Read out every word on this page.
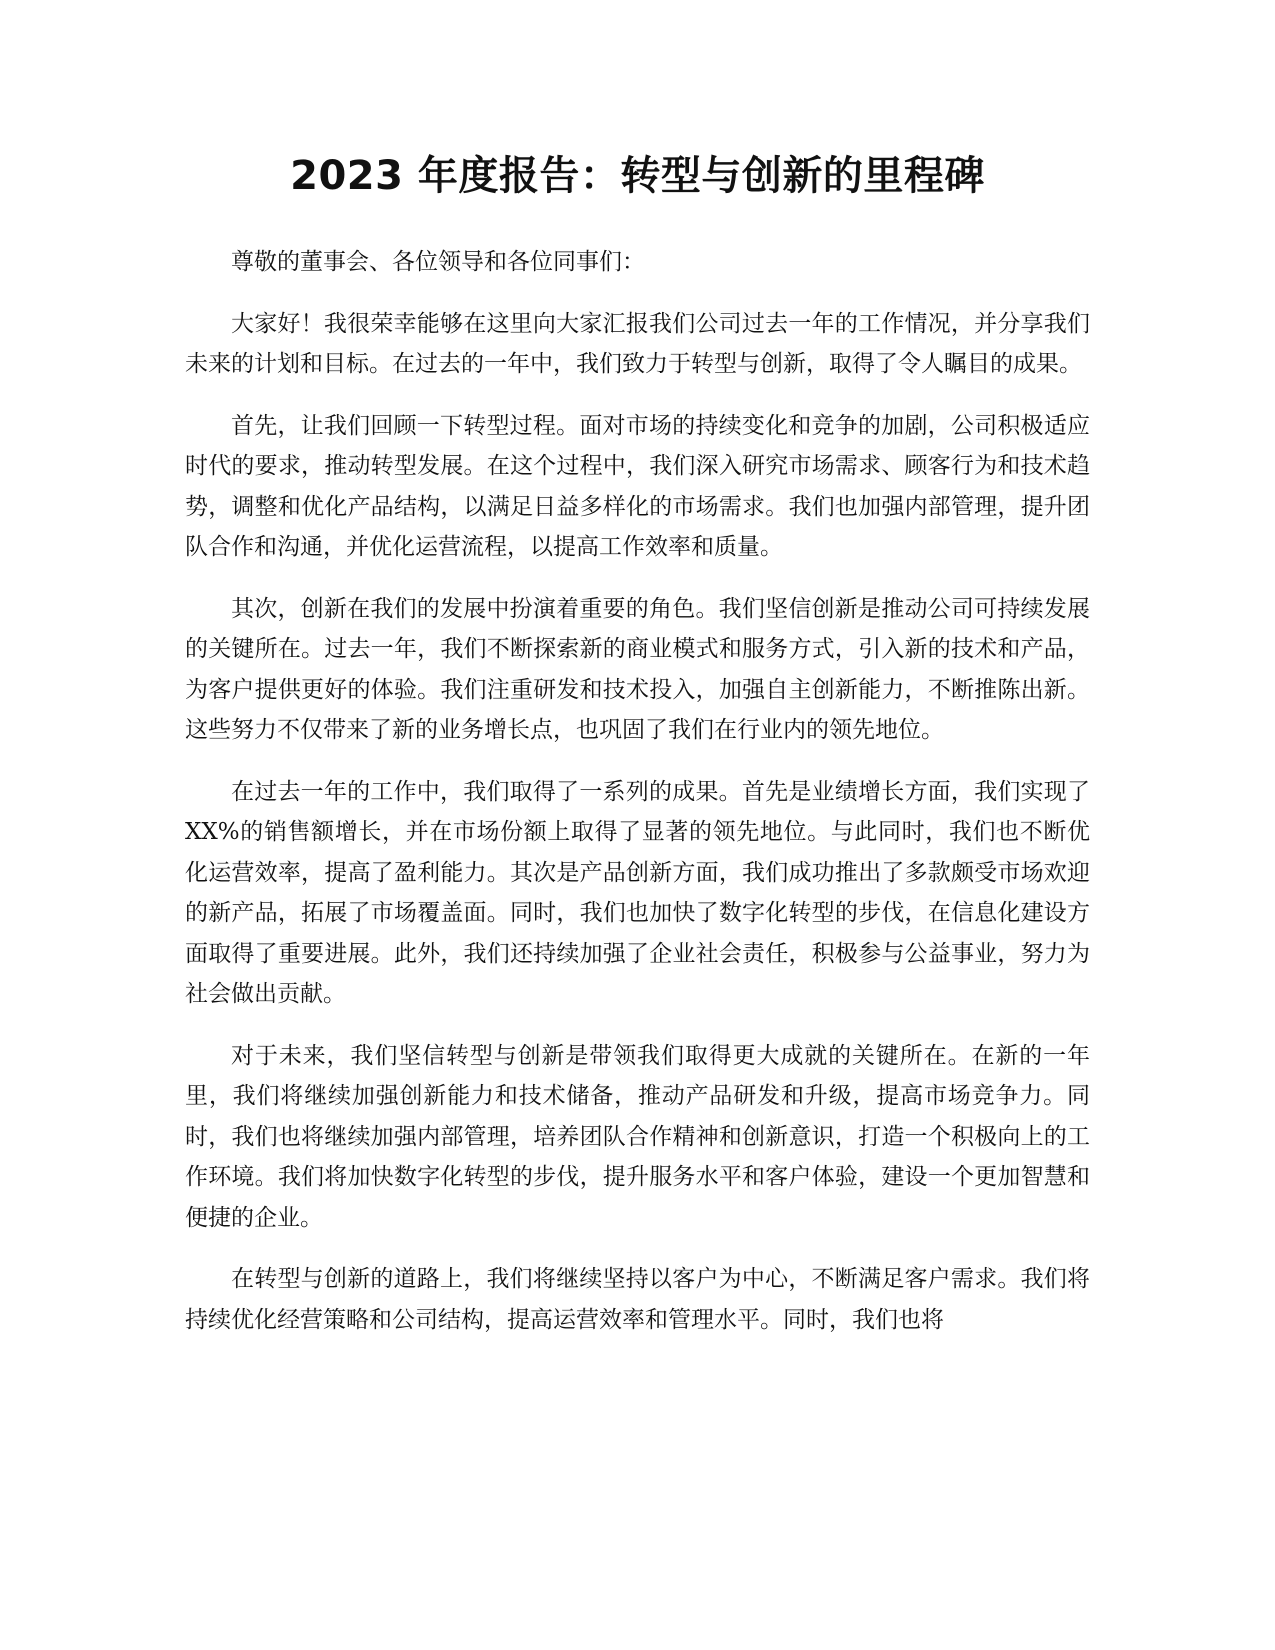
2023 年度报告：转型与创新的里程碑

尊敬的董事会、各位领导和各位同事们：

大家好！我很荣幸能够在这里向大家汇报我们公司过去一年的工作情况，并分享我们未来的计划和目标。在过去的一年中，我们致力于转型与创新，取得了令人瞩目的成果。

首先，让我们回顾一下转型过程。面对市场的持续变化和竞争的加剧，公司积极适应时代的要求，推动转型发展。在这个过程中，我们深入研究市场需求、顾客行为和技术趋势，调整和优化产品结构，以满足日益多样化的市场需求。我们也加强内部管理，提升团队合作和沟通，并优化运营流程，以提高工作效率和质量。

其次，创新在我们的发展中扮演着重要的角色。我们坚信创新是推动公司可持续发展的关键所在。过去一年，我们不断探索新的商业模式和服务方式，引入新的技术和产品，为客户提供更好的体验。我们注重研发和技术投入，加强自主创新能力，不断推陈出新。这些努力不仅带来了新的业务增长点，也巩固了我们在行业内的领先地位。

在过去一年的工作中，我们取得了一系列的成果。首先是业绩增长方面，我们实现了 XX%的销售额增长，并在市场份额上取得了显著的领先地位。与此同时，我们也不断优化运营效率，提高了盈利能力。其次是产品创新方面，我们成功推出了多款颇受市场欢迎的新产品，拓展了市场覆盖面。同时，我们也加快了数字化转型的步伐，在信息化建设方面取得了重要进展。此外，我们还持续加强了企业社会责任，积极参与公益事业，努力为社会做出贡献。

对于未来，我们坚信转型与创新是带领我们取得更大成就的关键所在。在新的一年里，我们将继续加强创新能力和技术储备，推动产品研发和升级，提高市场竞争力。同时，我们也将继续加强内部管理，培养团队合作精神和创新意识，打造一个积极向上的工作环境。我们将加快数字化转型的步伐，提升服务水平和客户体验，建设一个更加智慧和便捷的企业。

在转型与创新的道路上，我们将继续坚持以客户为中心，不断满足客户需求。我们将持续优化经营策略和公司结构，提高运营效率和管理水平。同时，我们也将
